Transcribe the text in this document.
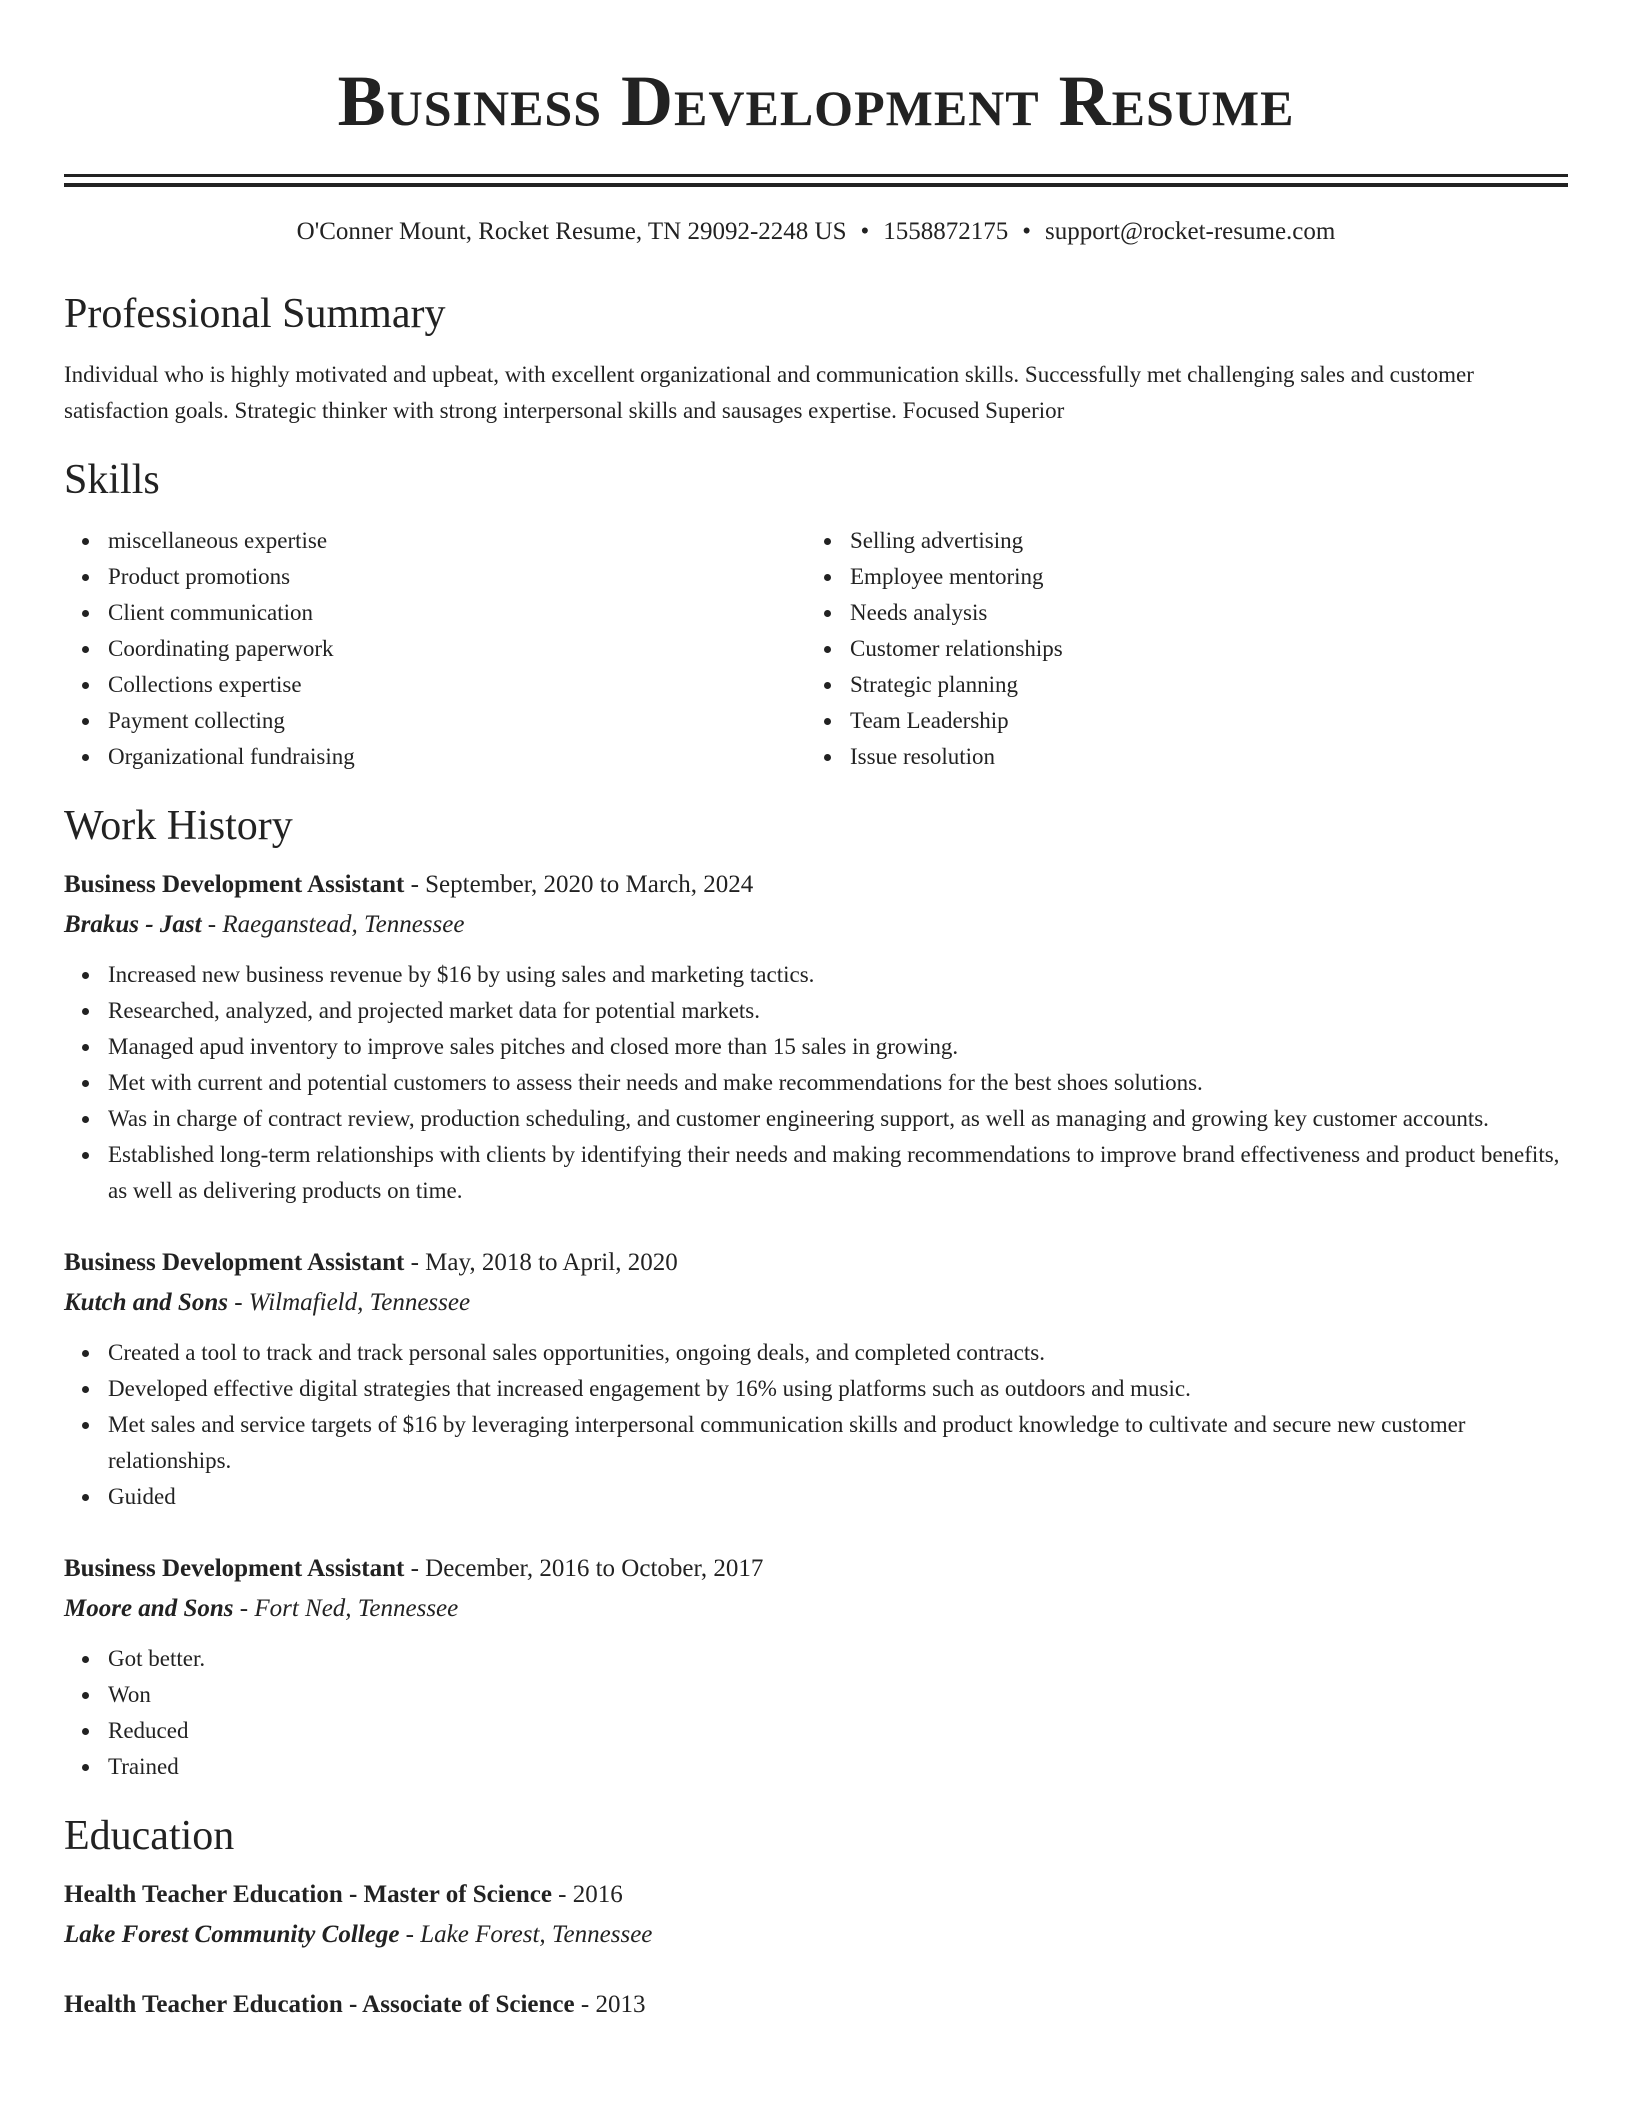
Business Development Resume
O'Conner Mount, Rocket Resume, TN 29092-2248 US • 1558872175 • support@rocket-resume.com
Professional Summary
Individual who is highly motivated and upbeat, with excellent organizational and communication skills. Successfully met challenging sales and customer satisfaction goals. Strategic thinker with strong interpersonal skills and sausages expertise. Focused Superior
Skills
miscellaneous expertise
Product promotions
Client communication
Coordinating paperwork
Collections expertise
Payment collecting
Organizational fundraising
Selling advertising
Employee mentoring
Needs analysis
Customer relationships
Strategic planning
Team Leadership
Issue resolution
Work History
Business Development Assistant - September, 2020 to March, 2024
Brakus - Jast - Raeganstead, Tennessee
Increased new business revenue by $16 by using sales and marketing tactics.
Researched, analyzed, and projected market data for potential markets.
Managed apud inventory to improve sales pitches and closed more than 15 sales in growing.
Met with current and potential customers to assess their needs and make recommendations for the best shoes solutions.
Was in charge of contract review, production scheduling, and customer engineering support, as well as managing and growing key customer accounts.
Established long-term relationships with clients by identifying their needs and making recommendations to improve brand effectiveness and product benefits, as well as delivering products on time.
Business Development Assistant - May, 2018 to April, 2020
Kutch and Sons - Wilmafield, Tennessee
Created a tool to track and track personal sales opportunities, ongoing deals, and completed contracts.
Developed effective digital strategies that increased engagement by 16% using platforms such as outdoors and music.
Met sales and service targets of $16 by leveraging interpersonal communication skills and product knowledge to cultivate and secure new customer relationships.
Guided
Business Development Assistant - December, 2016 to October, 2017
Moore and Sons - Fort Ned, Tennessee
Got better.
Won
Reduced
Trained
Education
Health Teacher Education - Master of Science - 2016
Lake Forest Community College - Lake Forest, Tennessee
Health Teacher Education - Associate of Science - 2013
